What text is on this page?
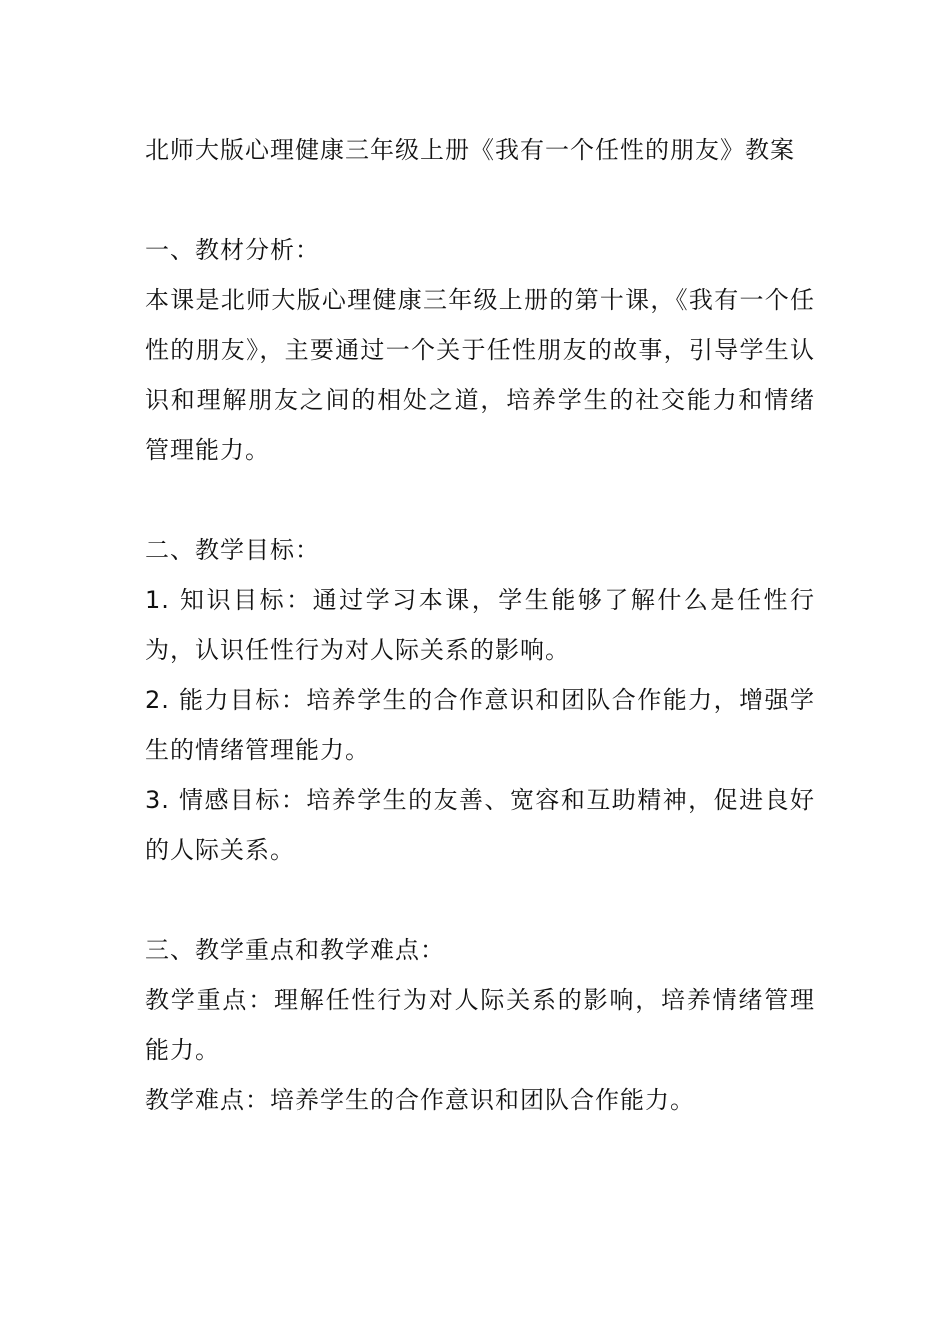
北师大版心理健康三年级上册《我有一个任性的朋友》教案

一、教材分析：

本课是北师大版心理健康三年级上册的第十课，《我有一个任性的朋友》，主要通过一个关于任性朋友的故事，引导学生认识和理解朋友之间的相处之道，培养学生的社交能力和情绪管理能力。

二、教学目标：

1. 知识目标：通过学习本课，学生能够了解什么是任性行为，认识任性行为对人际关系的影响。

2. 能力目标：培养学生的合作意识和团队合作能力，增强学生的情绪管理能力。

3. 情感目标：培养学生的友善、宽容和互助精神，促进良好的人际关系。

三、教学重点和教学难点：

教学重点：理解任性行为对人际关系的影响，培养情绪管理能力。

教学难点：培养学生的合作意识和团队合作能力。
